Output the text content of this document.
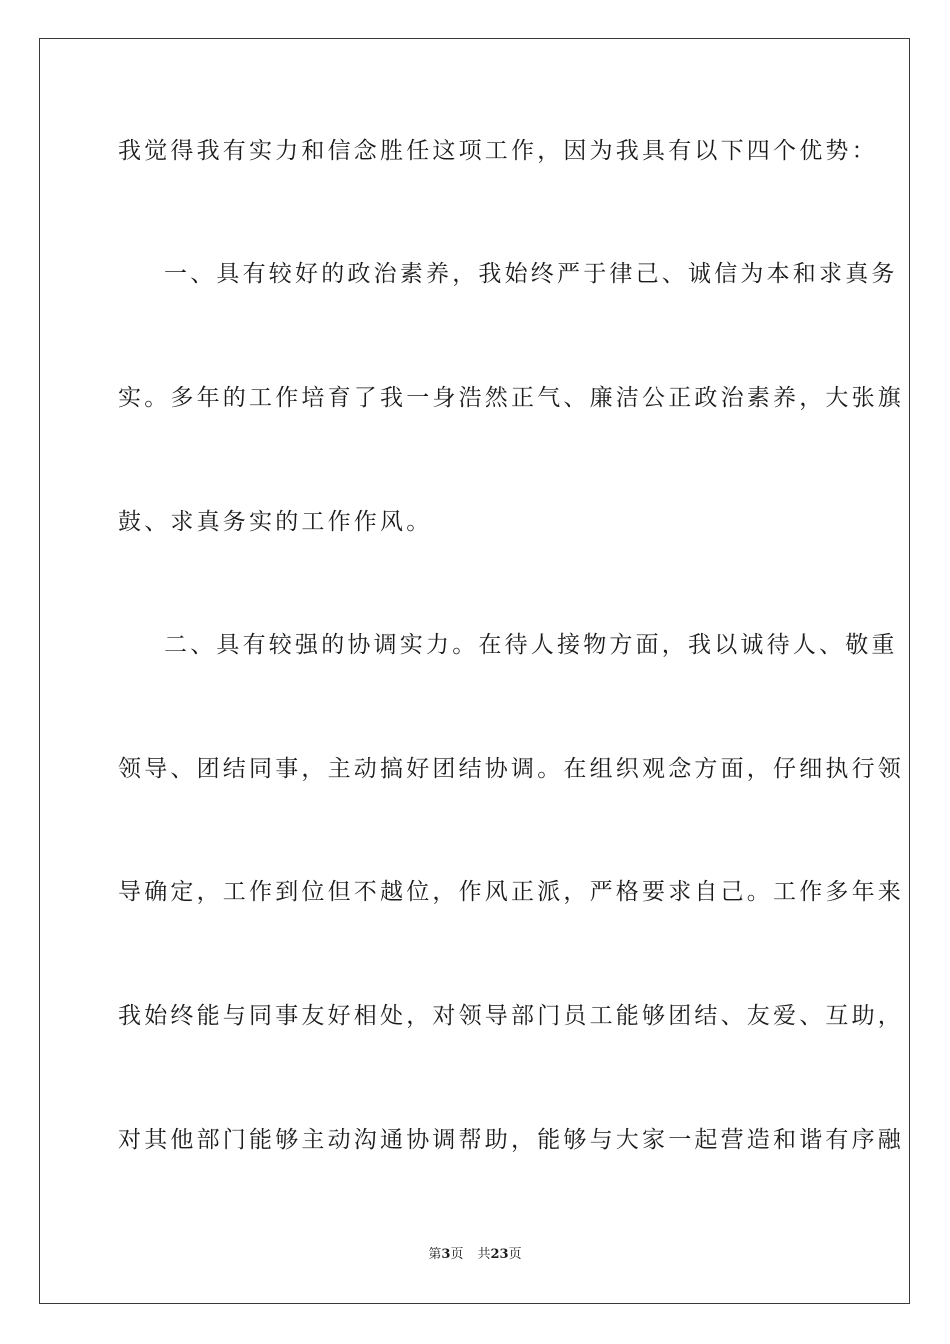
我觉得我有实力和信念胜任这项工作，因为我具有以下四个优势：
一、具有较好的政治素养，我始终严于律己、诚信为本和求真务
实。多年的工作培育了我一身浩然正气、廉洁公正政治素养，大张旗
鼓、求真务实的工作作风。
二、具有较强的协调实力。在待人接物方面，我以诚待人、敬重
领导、团结同事，主动搞好团结协调。在组织观念方面，仔细执行领
导确定，工作到位但不越位，作风正派，严格要求自己。工作多年来
我始终能与同事友好相处，对领导部门员工能够团结、友爱、互助，
对其他部门能够主动沟通协调帮助，能够与大家一起营造和谐有序融
第3页 共23页
